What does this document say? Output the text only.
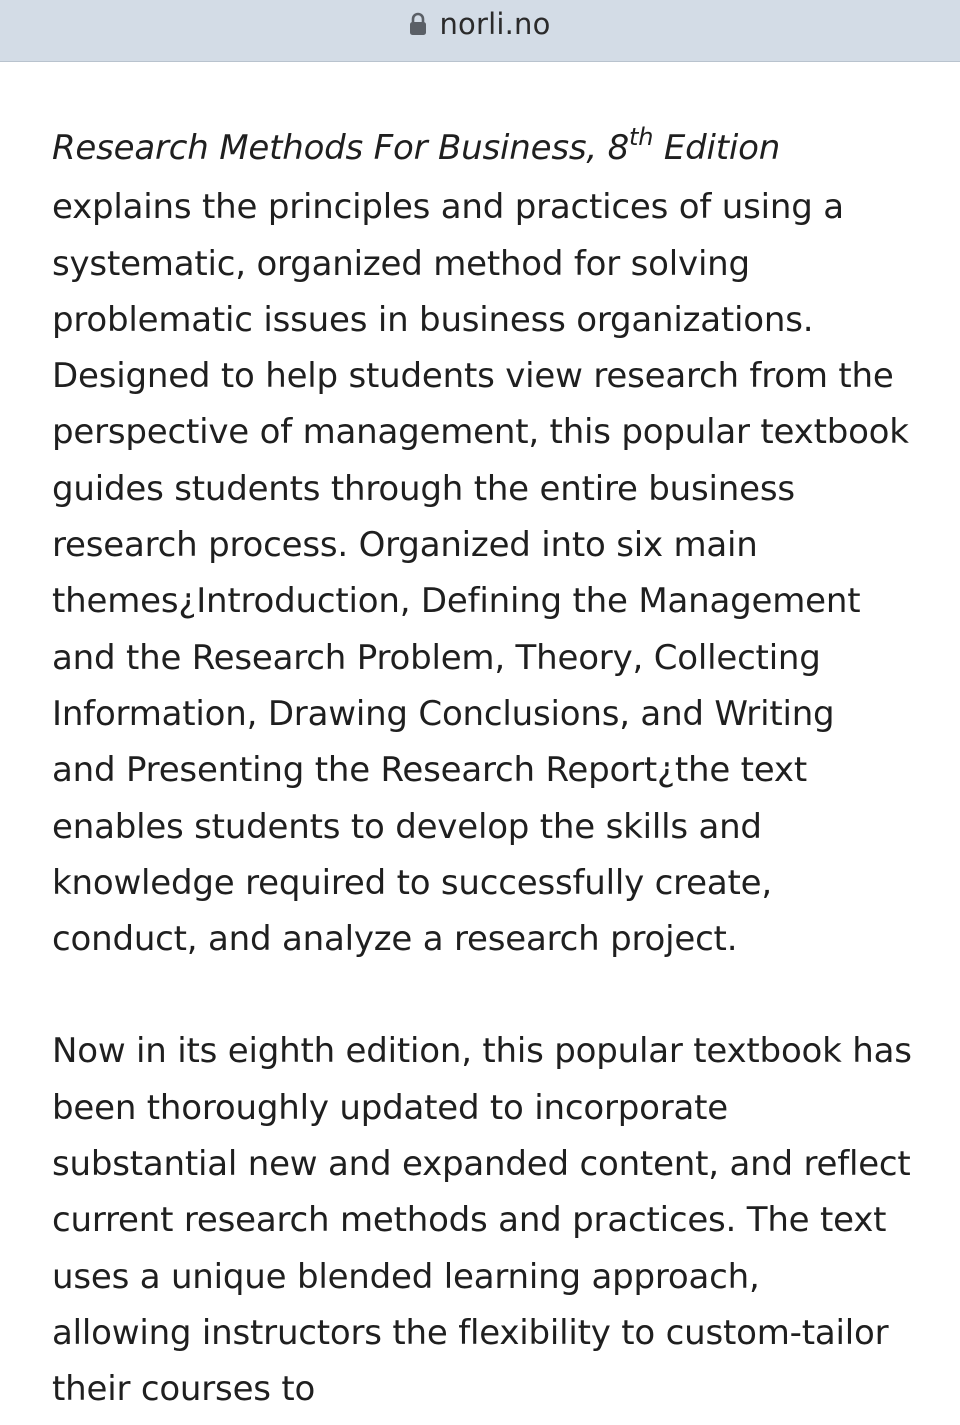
norli.no

Research Methods For Business, 8th Edition
explains the principles and practices of using a
systematic, organized method for solving
problematic issues in business organizations.
Designed to help students view research from the
perspective of management, this popular textbook
guides students through the entire business
research process. Organized into six main
themes¿Introduction, Defining the Management
and the Research Problem, Theory, Collecting
Information, Drawing Conclusions, and Writing
and Presenting the Research Report¿the text
enables students to develop the skills and
knowledge required to successfully create,
conduct, and analyze a research project.

Now in its eighth edition, this popular textbook has
been thoroughly updated to incorporate
substantial new and expanded content, and reflect
current research methods and practices. The text
uses a unique blended learning approach,
allowing instructors the flexibility to custom-tailor
their courses to
